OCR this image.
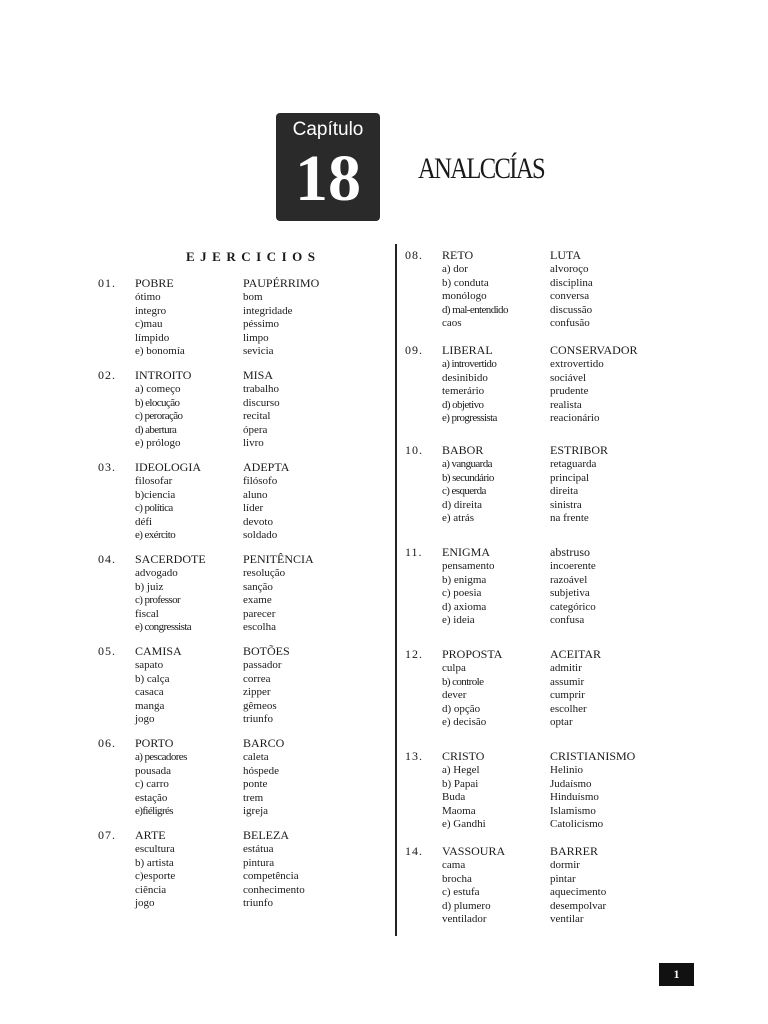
Capítulo
18	ANALCCÍAS
EJERCICIOS
01. POBRE	PAUPÉRRIMO
ótimo	bom
integro	integridade
c)mau	péssimo
límpido	limpo
e) bonomía	sevicia
02. INTROITO	MISA
a) começo	trabalho
b) elocução	discurso
c) peroração	recital
d) abertura	ópera
e) prólogo	livro
03. IDEOLOGIA	ADEPTA
filosofar	filósofo
b)ciencia	aluno
c) política	líder
défi	devoto
e) exército	soldado
04. SACERDOTE	PENITÊNCIA
advogado	resolução
b) juiz	sanção
c) professor	exame
fiscal	parecer
e) congressista	escolha
05. CAMISA	BOTÕES
sapato	passador
b) calça	correa
casaca	zipper
manga	gêmeos
jogo	triunfo
06. PORTO	BARCO
a) pescadores	caleta
pousada	hóspede
c) carro	ponte
estação	trem
e)fiéligrés	igreja
07. ARTE	BELEZA
escultura	estátua
b) artista	pintura
c)esporte	competência
ciência	conhecimento
jogo	triunfo
08. RETO	LUTA
a) dor	alvoroço
b) conduta	disciplina
monólogo	conversa
d) mal-entendido	discussão
caos	confusão
09. LIBERAL	CONSERVADOR
a) introvertido	extrovertido
desinibido	sociável
temerário	prudente
d) objetivo	realista
e) progressista	reacionário
10. BABOR	ESTRIBOR
a) vanguarda	retaguarda
b) secundário	principal
c) esquerda	direita
d) direita	sinistra
e) atrás	na frente
11. ENIGMA	abstruso
pensamento	incoerente
b) enigma	razoável
c) poesia	subjetiva
d) axioma	categórico
e) ideia	confusa
12. PROPOSTA	ACEITAR
culpa	admitir
b) controle	assumir
dever	cumprir
d) opção	escolher
e) decisão	optar
13. CRISTO	CRISTIANISMO
a) Hegel	Helinio
b) Papai	Judaísmo
Buda	Hinduísmo
Maoma	Islamismo
e) Gandhi	Catolicismo
14. VASSOURA	BARRER
cama	dormir
brocha	pintar
c) estufa	aquecimento
d) plumero	desempolvar
ventilador	ventilar
1
